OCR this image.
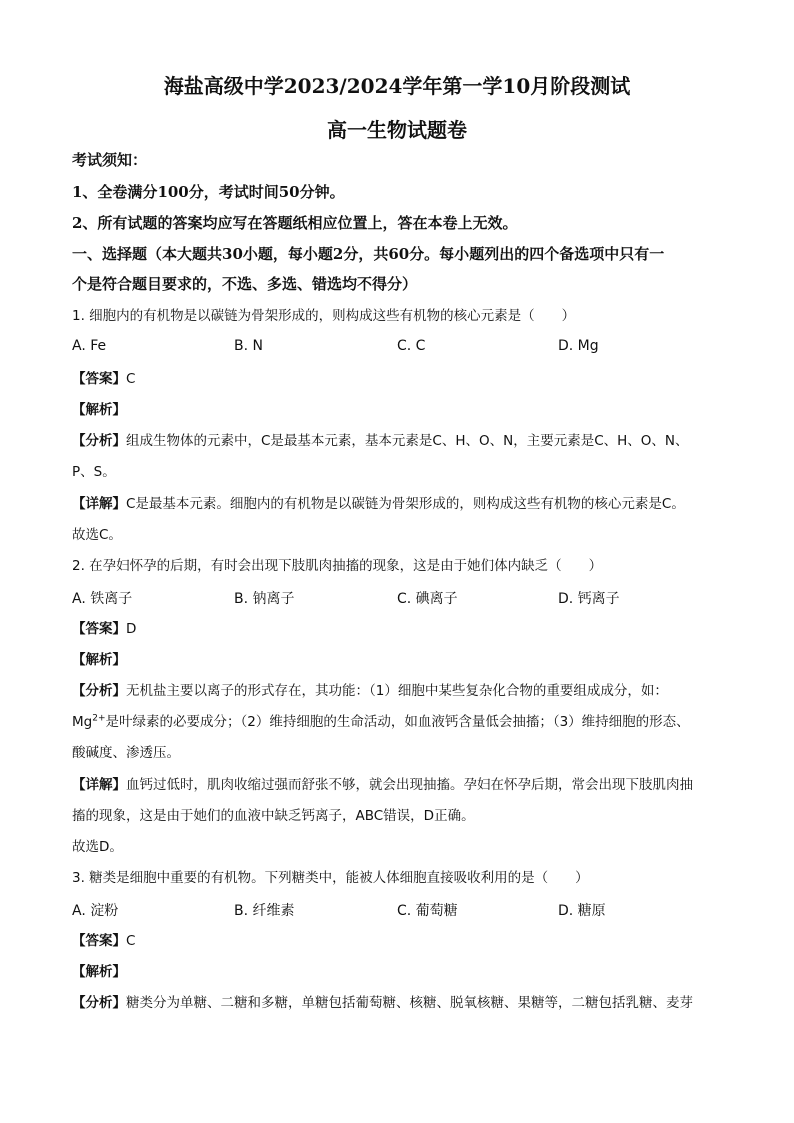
海盐高级中学2023/2024学年第一学10月阶段测试
高一生物试题卷
考试须知：
1、全卷满分100分，考试时间50分钟。
2、所有试题的答案均应写在答题纸相应位置上，答在本卷上无效。
一、选择题（本大题共30小题，每小题2分，共60分。每小题列出的四个备选项中只有一
个是符合题目要求的，不选、多选、错选均不得分）
1. 细胞内的有机物是以碳链为骨架形成的，则构成这些有机物的核心元素是（　　）
A. Fe	B. N	C. C	D. Mg
【答案】C
【解析】
【分析】组成生物体的元素中，C是最基本元素，基本元素是C、H、O、N，主要元素是C、H、O、N、
P、S。
【详解】C是最基本元素。细胞内的有机物是以碳链为骨架形成的，则构成这些有机物的核心元素是C。
故选C。
2. 在孕妇怀孕的后期，有时会出现下肢肌肉抽搐的现象，这是由于她们体内缺乏（　　）
A. 铁离子	B. 钠离子	C. 碘离子	D. 钙离子
【答案】D
【解析】
【分析】无机盐主要以离子的形式存在，其功能：（1）细胞中某些复杂化合物的重要组成成分，如：
$Mg^{2+}$是叶绿素的必要成分；（2）维持细胞的生命活动，如血液钙含量低会抽搐；（3）维持细胞的形态、
酸碱度、渗透压。
【详解】血钙过低时，肌肉收缩过强而舒张不够，就会出现抽搐。孕妇在怀孕后期，常会出现下肢肌肉抽
搐的现象，这是由于她们的血液中缺乏钙离子，ABC错误，D正确。
故选D。
3. 糖类是细胞中重要的有机物。下列糖类中，能被人体细胞直接吸收利用的是（　　）
A. 淀粉	B. 纤维素	C. 葡萄糖	D. 糖原
【答案】C
【解析】
【分析】糖类分为单糖、二糖和多糖，单糖包括葡萄糖、核糖、脱氧核糖、果糖等，二糖包括乳糖、麦芽
